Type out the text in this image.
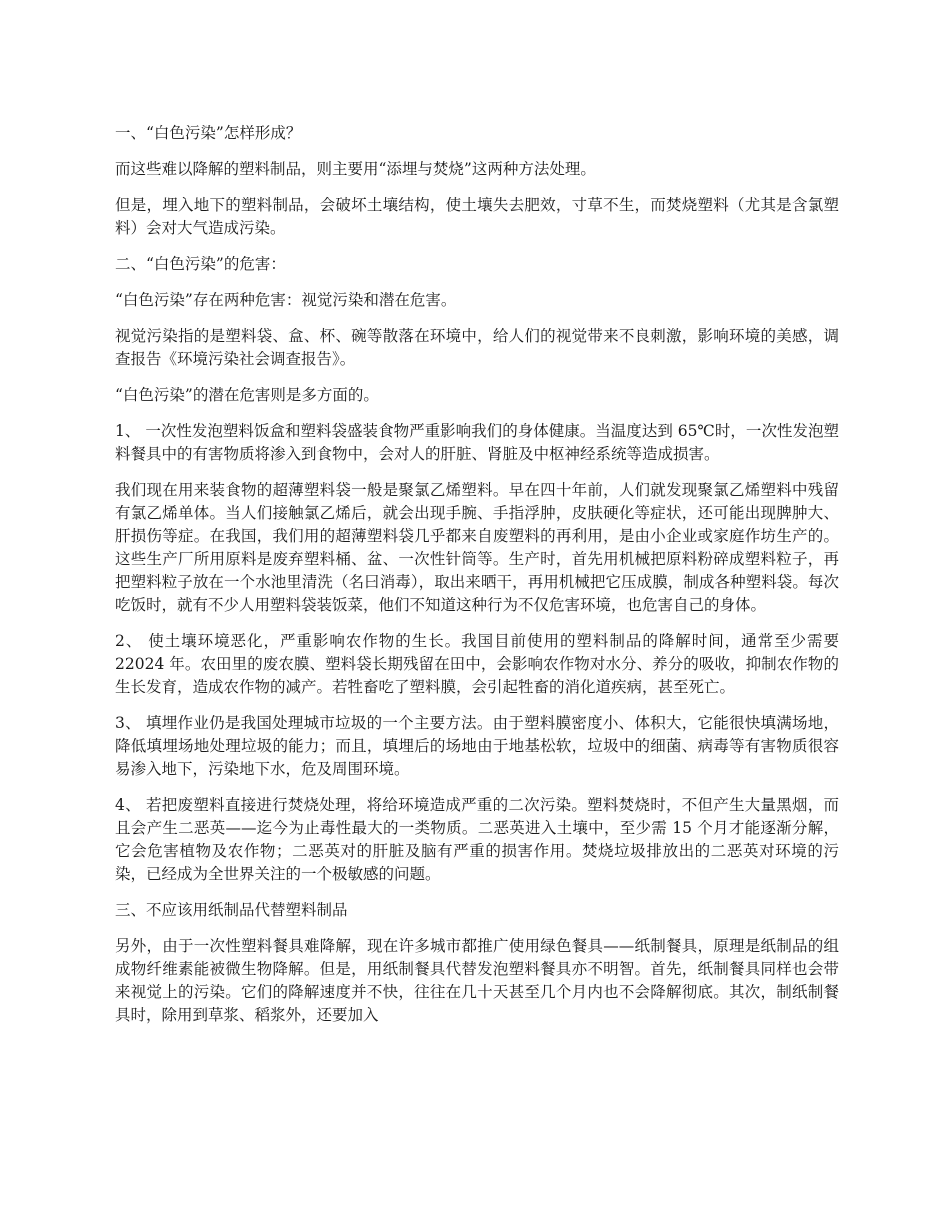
一、“白色污染”怎样形成？

而这些难以降解的塑料制品，则主要用“添埋与焚烧”这两种方法处理。

但是，埋入地下的塑料制品，会破坏土壤结构，使土壤失去肥效，寸草不生，而焚烧塑料（尤其是含氯塑料）会对大气造成污染。

二、“白色污染”的危害：

“白色污染”存在两种危害：视觉污染和潜在危害。

视觉污染指的是塑料袋、盒、杯、碗等散落在环境中，给人们的视觉带来不良刺激，影响环境的美感，调查报告《环境污染社会调查报告》。

“白色污染”的潜在危害则是多方面的。

1、 一次性发泡塑料饭盒和塑料袋盛装食物严重影响我们的身体健康。当温度达到 65℃时，一次性发泡塑料餐具中的有害物质将渗入到食物中，会对人的肝脏、肾脏及中枢神经系统等造成损害。

我们现在用来装食物的超薄塑料袋一般是聚氯乙烯塑料。早在四十年前，人们就发现聚氯乙烯塑料中残留有氯乙烯单体。当人们接触氯乙烯后，就会出现手腕、手指浮肿，皮肤硬化等症状，还可能出现脾肿大、肝损伤等症。在我国，我们用的超薄塑料袋几乎都来自废塑料的再利用，是由小企业或家庭作坊生产的。这些生产厂所用原料是废弃塑料桶、盆、一次性针筒等。生产时，首先用机械把原料粉碎成塑料粒子，再把塑料粒子放在一个水池里清洗（名曰消毒），取出来晒干，再用机械把它压成膜，制成各种塑料袋。每次吃饭时，就有不少人用塑料袋装饭菜，他们不知道这种行为不仅危害环境，也危害自己的身体。

2、 使土壤环境恶化，严重影响农作物的生长。我国目前使用的塑料制品的降解时间，通常至少需要 22024 年。农田里的废农膜、塑料袋长期残留在田中，会影响农作物对水分、养分的吸收，抑制农作物的生长发育，造成农作物的减产。若牲畜吃了塑料膜，会引起牲畜的消化道疾病，甚至死亡。

3、 填埋作业仍是我国处理城市垃圾的一个主要方法。由于塑料膜密度小、体积大，它能很快填满场地，降低填埋场地处理垃圾的能力；而且，填埋后的场地由于地基松软，垃圾中的细菌、病毒等有害物质很容易渗入地下，污染地下水，危及周围环境。

4、 若把废塑料直接进行焚烧处理，将给环境造成严重的二次污染。塑料焚烧时，不但产生大量黑烟，而且会产生二恶英——迄今为止毒性最大的一类物质。二恶英进入土壤中，至少需 15 个月才能逐渐分解，它会危害植物及农作物；二恶英对的肝脏及脑有严重的损害作用。焚烧垃圾排放出的二恶英对环境的污染，已经成为全世界关注的一个极敏感的问题。

三、不应该用纸制品代替塑料制品

另外，由于一次性塑料餐具难降解，现在许多城市都推广使用绿色餐具——纸制餐具，原理是纸制品的组成物纤维素能被微生物降解。但是，用纸制餐具代替发泡塑料餐具亦不明智。首先，纸制餐具同样也会带来视觉上的污染。它们的降解速度并不快，往往在几十天甚至几个月内也不会降解彻底。其次，制纸制餐具时，除用到草浆、稻浆外，还要加入
